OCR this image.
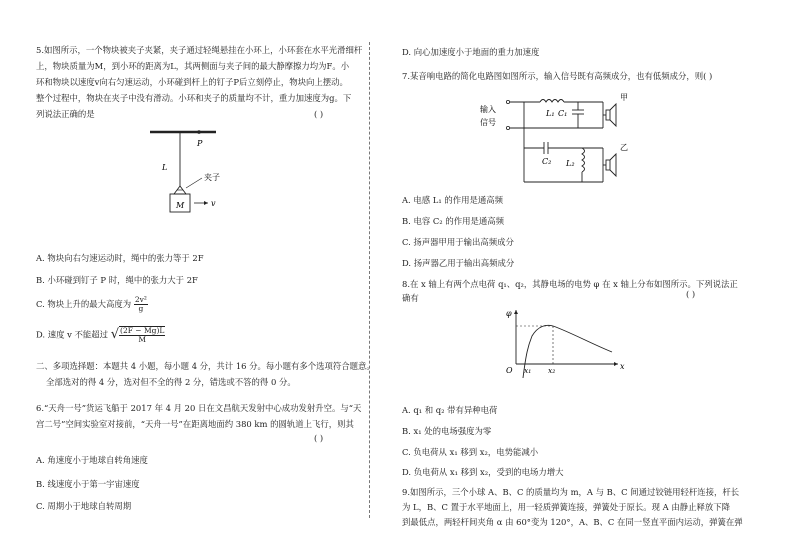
5.如图所示，一个物块被夹子夹紧，夹子通过轻绳悬挂在小环上，小环套在水平光滑细杆
上，物块质量为M，到小环的距离为L，其两侧面与夹子间的最大静摩擦力均为F。小
环和物块以速度v向右匀速运动，小环碰到杆上的钉子P后立刻停止，物块向上摆动。
整个过程中，物块在夹子中没有滑动。小环和夹子的质量均不计，重力加速度为g。下
列说法正确的是	( )
P
L
夹子
M	v
A. 物块向右匀速运动时，绳中的张力等于 2F
B. 小环碰到钉子 P 时，绳中的张力大于 2F
C. 物块上升的最大高度为 $\frac{\text{2v²}}{g}$
D. 速度 v 不能超过 √ $\frac{(2F - Mg)L}{M}$
二、多项选择题：本题共 4 小题，每小题 4 分，共计 16 分。每小题有多个选项符合题意。
全部选对的得 4 分，选对但不全的得 2 分，错选或不答的得 0 分。
6.“天舟一号”货运飞船于 2017 年 4 月 20 日在文昌航天发射中心成功发射升空。与“天
宫二号”空间实验室对接前，“天舟一号”在距离地面约 380 km 的圆轨道上飞行，则其
( )
A. 角速度小于地球自转角速度
B. 线速度小于第一宇宙速度
C. 周期小于地球自转周期
D. 向心加速度小于地面的重力加速度
7.某音响电路的简化电路图如图所示，输入信号既有高频成分，也有低频成分，则( )
输入
信号
L₁ C₁
甲
C₂ L₂
乙
A. 电感 L₁ 的作用是通高频
B. 电容 C₂ 的作用是通高频
C. 扬声器甲用于输出高频成分
D. 扬声器乙用于输出高频成分
8.在 x 轴上有两个点电荷 q₁、q₂，其静电场的电势 φ 在 x 轴上分布如图所示。下列说法正
确有	( )
φ
O x₁ x₂	x
A. q₁ 和 q₂ 带有异种电荷
B. x₁ 处的电场强度为零
C. 负电荷从 x₁ 移到 x₂，电势能减小
D. 负电荷从 x₁ 移到 x₂，受到的电场力增大
9.如图所示，三个小球 A、B、C 的质量均为 m，A 与 B、C 间通过铰链用轻杆连接，杆长
为 L，B、C 置于水平地面上，用一轻质弹簧连接，弹簧处于原长。现 A 由静止释放下降
到最低点，两轻杆间夹角 α 由 60°变为 120°，A、B、C 在同一竖直平面内运动，弹簧在弹
